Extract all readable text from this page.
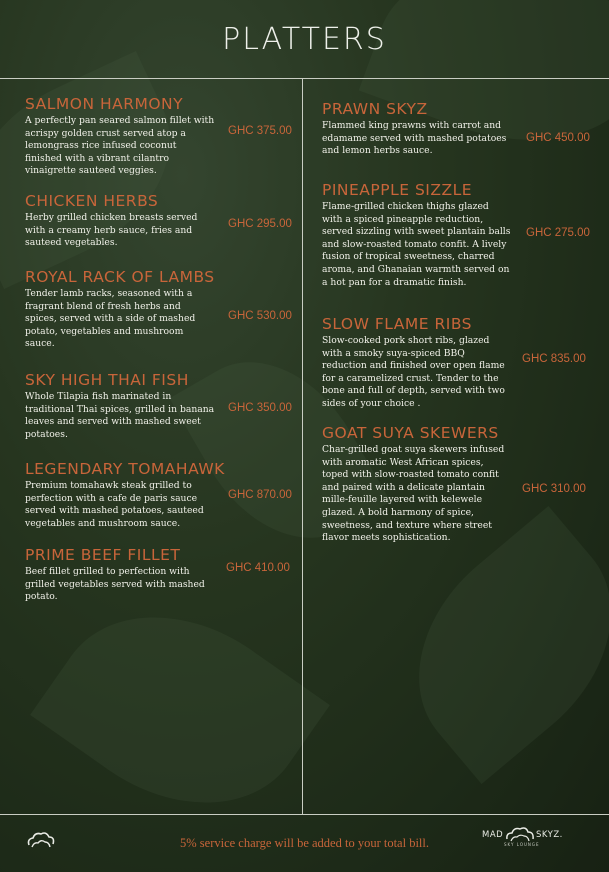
PLATTERS
SALMON HARMONY
A perfectly pan seared salmon fillet with acrispy golden crust served atop a lemongrass rice infused coconut finished with a vibrant cilantro vinaigrette sauteed veggies.
GHC 375.00
CHICKEN HERBS
Herby grilled chicken breasts served with a creamy herb sauce, fries and sauteed vegetables.
GHC 295.00
ROYAL RACK OF LAMBS
Tender lamb racks, seasoned with a fragrant blend of fresh herbs and spices, served with a side of mashed potato, vegetables and mushroom sauce.
GHC 530.00
SKY HIGH THAI FISH
Whole Tilapia fish marinated in traditional Thai spices, grilled in banana leaves and served with mashed sweet potatoes.
GHC 350.00
LEGENDARY TOMAHAWK
Premium tomahawk steak grilled to perfection with a cafe de paris sauce served with mashed potatoes, sauteed vegetables and mushroom sauce.
GHC 870.00
PRIME BEEF FILLET
Beef fillet grilled to perfection with grilled vegetables served with mashed potato.
GHC 410.00
PRAWN SKYZ
Flammed king prawns with carrot and edamame served with mashed potatoes and lemon herbs sauce.
GHC 450.00
PINEAPPLE SIZZLE
Flame-grilled chicken thighs glazed with a spiced pineapple reduction, served sizzling with sweet plantain balls and slow-roasted tomato confit. A lively fusion of tropical sweetness, charred aroma, and Ghanaian warmth served on a hot pan for a dramatic finish.
GHC 275.00
SLOW FLAME RIBS
Slow-cooked pork short ribs, glazed with a smoky suya-spiced BBQ reduction and finished over open flame for a caramelized crust. Tender to the bone and full of depth, served with two sides of your choice .
GHC 835.00
GOAT SUYA SKEWERS
Char-grilled goat suya skewers infused with aromatic West African spices, toped with slow-roasted tomato confit and paired with a delicate plantain mille-feuille layered with kelewele glazed. A bold harmony of spice, sweetness, and texture where street flavor meets sophistication.
GHC 310.00
5% service charge will be added to your total bill.
MAD	SKYZ.
SKY LOUNGE
